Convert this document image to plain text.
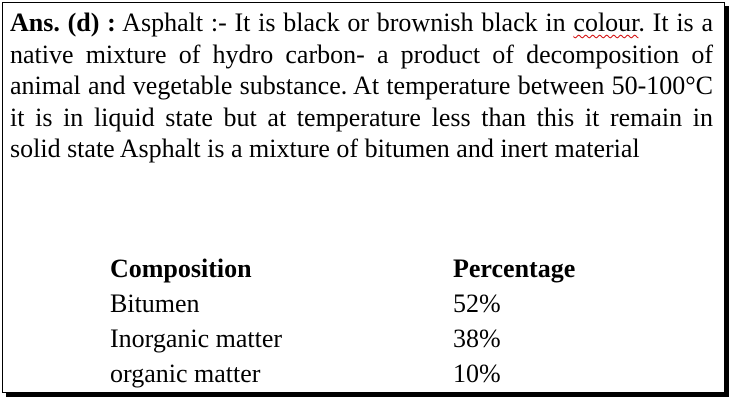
Ans. (d) : Asphalt :- It is black or brownish black in colour. It is a native mixture of hydro carbon- a product of decomposition of animal and vegetable substance. At temperature between 50-100°C it is in liquid state but at temperature less than this it remain in solid state Asphalt is a mixture of bitumen and inert material

Composition	Percentage
Bitumen	52%
Inorganic matter	38%
organic matter	10%
